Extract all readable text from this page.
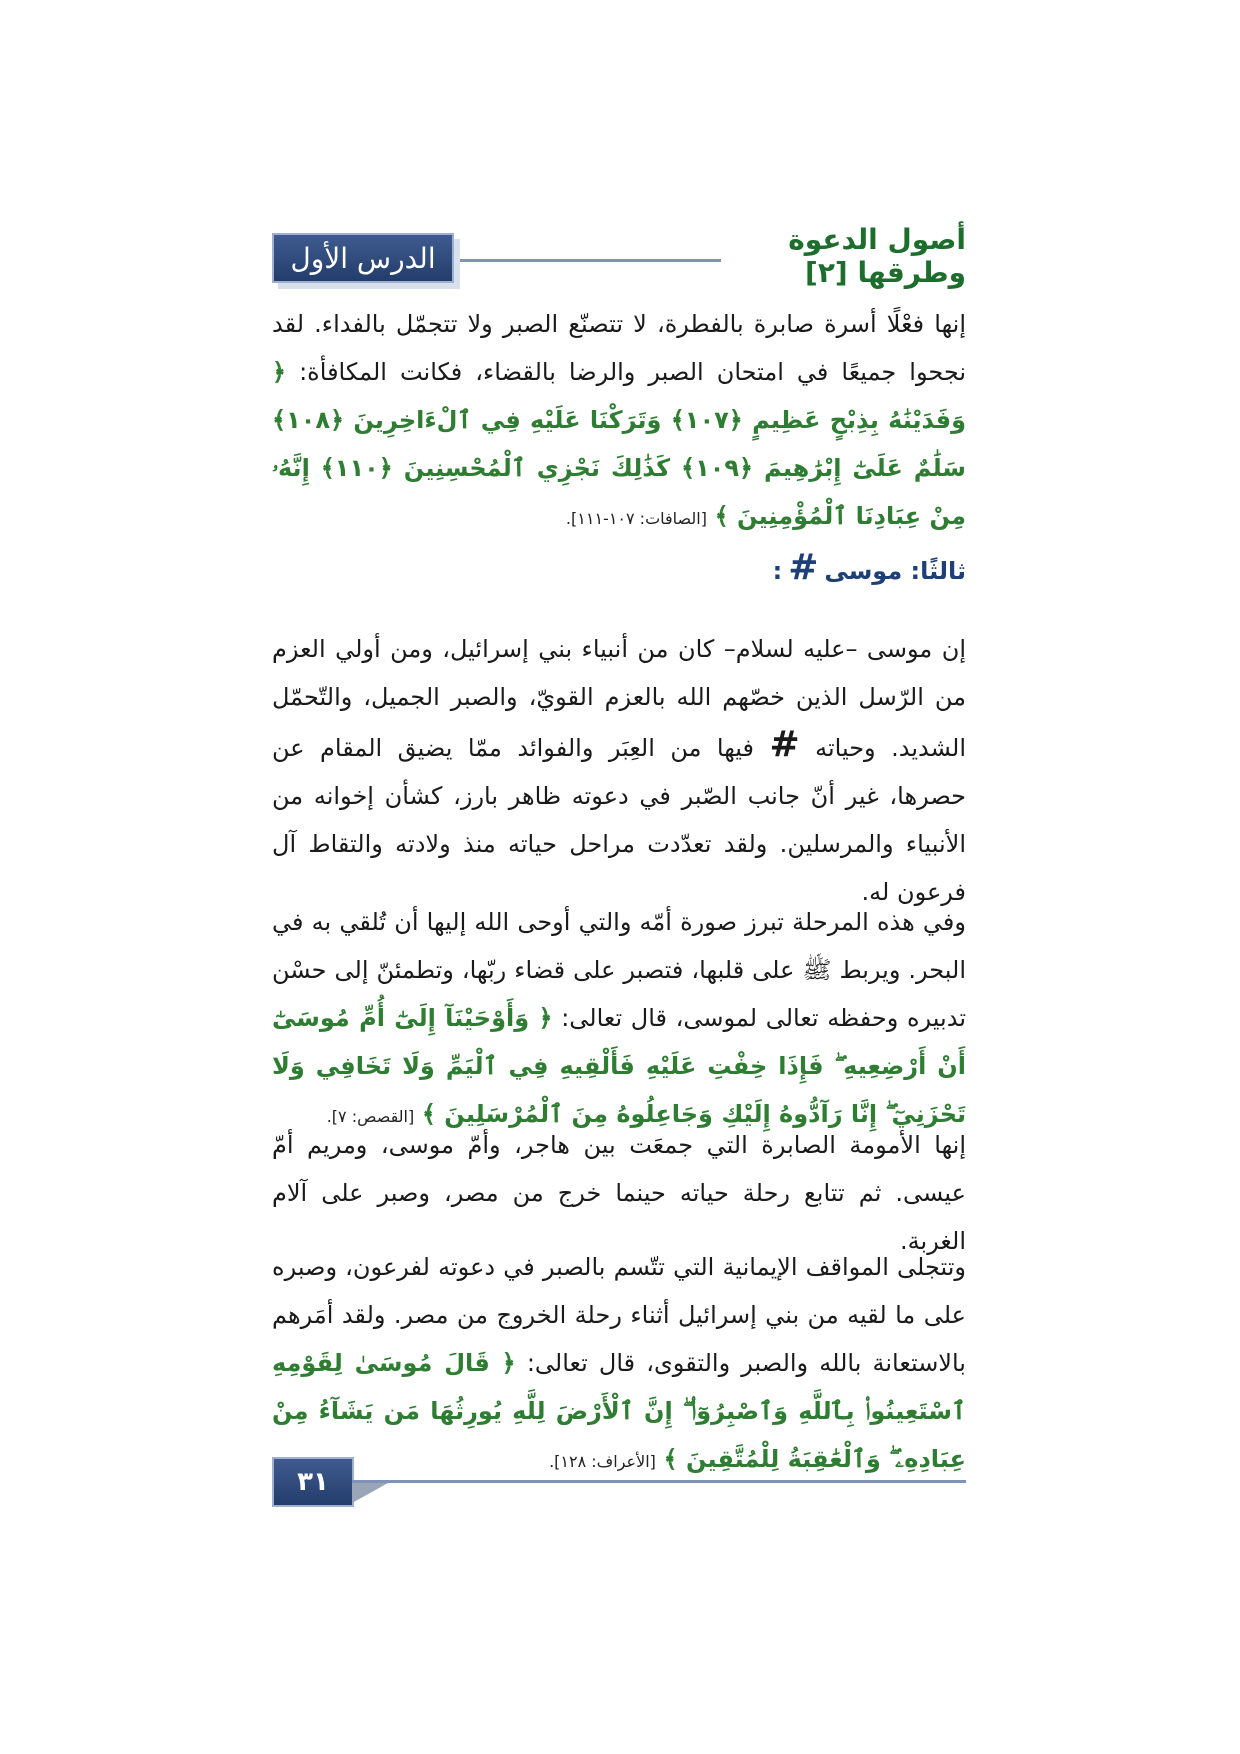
الدرس الأول
أصول الدعوة وطرقها [٢]

إنها فعْلًا أسرة صابرة بالفطرة، لا تتصنّع الصبر ولا تتجمّل بالفداء. لقد نجحوا جميعًا في امتحان الصبر والرضا بالقضاء، فكانت المكافأة: ﴿ وَفَدَيْنَٰهُ بِذِبْحٍ عَظِيمٍ ﴿١٠٧﴾ وَتَرَكْنَا عَلَيْهِ فِي ٱلْءَاخِرِينَ ﴿١٠٨﴾ سَلَٰمٌ عَلَىٰٓ إِبْرَٰهِيمَ ﴿١٠٩﴾ كَذَٰلِكَ نَجْزِي ٱلْمُحْسِنِينَ ﴿١١٠﴾ إِنَّهُۥ مِنْ عِبَادِنَا ٱلْمُؤْمِنِينَ ﴾ [الصافات: ١٠٧-١١١].

ثالثًا: موسى#:

إن موسى –عليه لسلام– كان من أنبياء بني إسرائيل، ومن أولي العزم من الرّسل الذين خصّهم الله بالعزم القويّ، والصبر الجميل، والتّحمّل الشديد. وحياته # فيها من العِبَر والفوائد ممّا يضيق المقام عن حصرها، غير أنّ جانب الصّبر في دعوته ظاهر بارز، كشأن إخوانه من الأنبياء والمرسلين. ولقد تعدّدت مراحل حياته منذ ولادته والتقاط آل فرعون له.

وفي هذه المرحلة تبرز صورة أمّه والتي أوحى الله إليها أن تُلقي به في البحر. ويربط ﷺ على قلبها، فتصبر على قضاء ربّها، وتطمئنّ إلى حسْن تدبيره وحفظه تعالى لموسى، قال تعالى: ﴿ وَأَوْحَيْنَآ إِلَىٰٓ أُمِّ مُوسَىٰٓ أَنْ أَرْضِعِيهِ ۖ فَإِذَا خِفْتِ عَلَيْهِ فَأَلْقِيهِ فِي ٱلْيَمِّ وَلَا تَخَافِي وَلَا تَحْزَنِيٓ ۖ إِنَّا رَآدُّوهُ إِلَيْكِ وَجَاعِلُوهُ مِنَ ٱلْمُرْسَلِينَ ﴾ [القصص: ٧].

إنها الأمومة الصابرة التي جمعَت بين هاجر، وأمّ موسى، ومريم أمّ عيسى. ثم تتابع رحلة حياته حينما خرج من مصر، وصبر على آلام الغربة.

وتتجلى المواقف الإيمانية التي تتّسم بالصبر في دعوته لفرعون، وصبره على ما لقيه من بني إسرائيل أثناء رحلة الخروج من مصر. ولقد أمَرهم بالاستعانة بالله والصبر والتقوى، قال تعالى: ﴿ قَالَ مُوسَىٰ لِقَوْمِهِ ٱسْتَعِينُوا۟ بِٱللَّهِ وَٱصْبِرُوٓا۟ ۖ إِنَّ ٱلْأَرْضَ لِلَّهِ يُورِثُهَا مَن يَشَآءُ مِنْ عِبَادِهِۦ ۖ وَٱلْعَٰقِبَةُ لِلْمُتَّقِينَ ﴾ [الأعراف: ١٢٨].

٣١
